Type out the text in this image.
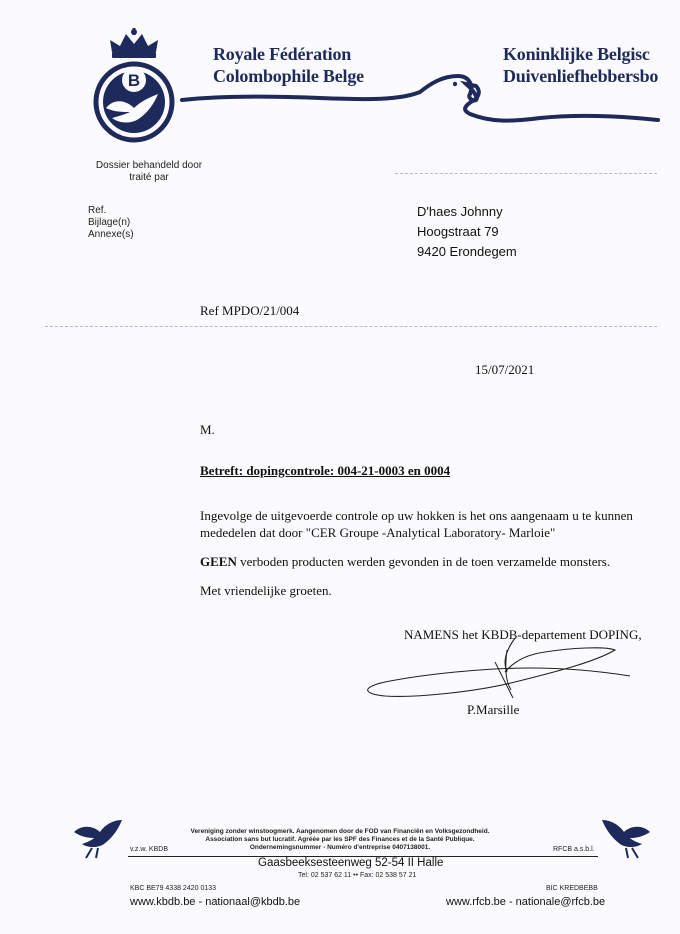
B
Royale Fédération
Colombophile Belge
Koninklijke Belgisc
Duivenliefhebbersbo
Dossier behandeld door
traité par
Ref.
Bijlage(n)
Annexe(s)
D'haes Johnny
Hoogstraat 79
9420 Erondegem
Ref MPDO/21/004
15/07/2021
M.
Betreft: dopingcontrole: 004-21-0003 en 0004
Ingevolge de uitgevoerde controle op uw hokken is het ons aangenaam u te kunnen
mededelen dat door "CER Groupe -Analytical Laboratory- Marloie"
GEEN verboden producten werden gevonden in de toen verzamelde monsters.
Met vriendelijke groeten.
NAMENS het KBDB-departement DOPING,
P.Marsille
Vereniging zonder winstoogmerk. Aangenomen door de FOD van Financiën en Volksgezondheid.
Association sans but lucratif. Agréée par les SPF des Finances et de la Santé Publique.
Ondernemingsnummer - Numéro d'entreprise 0407138001.
v.z.w. KBDB	RFCB a.s.b.l.
Gaasbeeksesteenweg 52-54 II Halle
Tel: 02 537 62 11 •• Fax: 02 538 57 21
KBC BE79 4338 2420 0133	BIC KREDBEBB
www.kbdb.be - nationaal@kbdb.be	www.rfcb.be - nationale@rfcb.be
